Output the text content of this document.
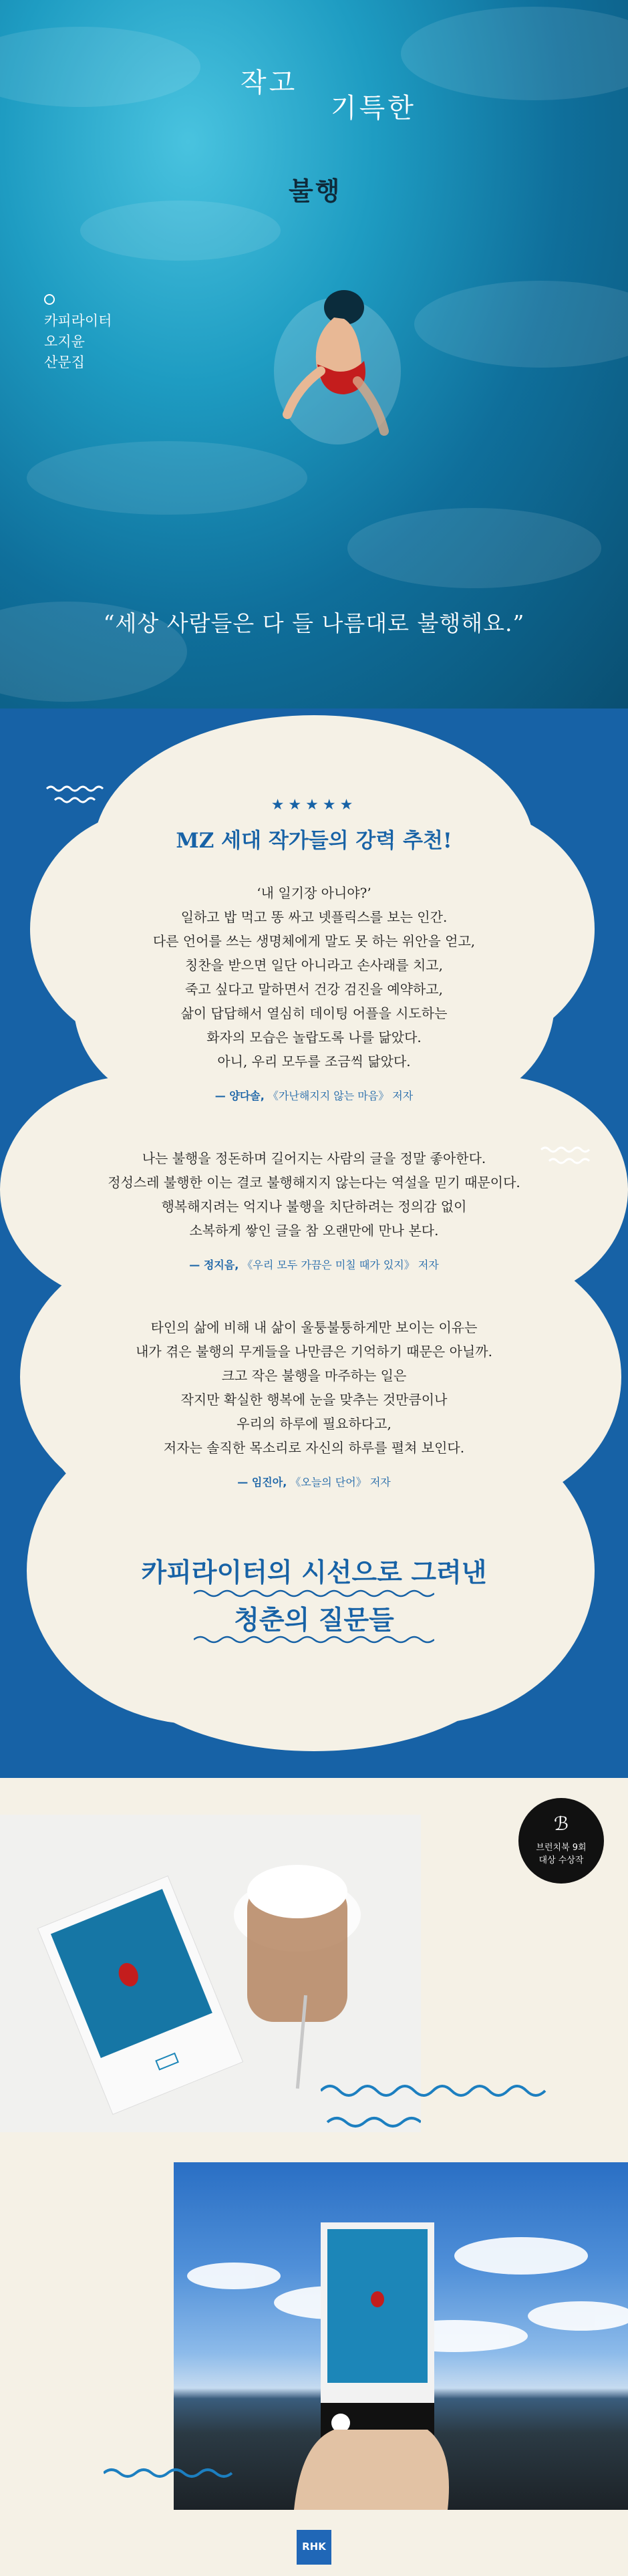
작고
기특한
불행
카피라이터
오지윤
산문집
“세상 사람들은 다 들 나름대로 불행해요.”
★★★★★
MZ 세대 작가들의 강력 추천!
‘내 일기장 아니야?’
일하고 밥 먹고 똥 싸고 넷플릭스를 보는 인간.
다른 언어를 쓰는 생명체에게 말도 못 하는 위안을 얻고,
칭찬을 받으면 일단 아니라고 손사래를 치고,
죽고 싶다고 말하면서 건강 검진을 예약하고,
삶이 답답해서 열심히 데이팅 어플을 시도하는
화자의 모습은 놀랍도록 나를 닮았다.
아니, 우리 모두를 조금씩 닮았다.
— 양다솔, 《가난해지지 않는 마음》 저자
나는 불행을 정돈하며 길어지는 사람의 글을 정말 좋아한다.
정성스레 불행한 이는 결코 불행해지지 않는다는 역설을 믿기 때문이다.
행복해지려는 억지나 불행을 치단하려는 정의감 없이
소복하게 쌓인 글을 참 오랜만에 만나 본다.
— 정지음, 《우리 모두 가끔은 미칠 때가 있지》 저자
타인의 삶에 비해 내 삶이 울퉁불퉁하게만 보이는 이유는
내가 겪은 불행의 무게들을 나만큼은 기억하기 때문은 아닐까.
크고 작은 불행을 마주하는 일은
작지만 확실한 행복에 눈을 맞추는 것만큼이나
우리의 하루에 필요하다고,
저자는 솔직한 목소리로 자신의 하루를 펼쳐 보인다.
— 임진아, 《오늘의 단어》 저자
카피라이터의 시선으로 그려낸
청춘의 질문들
ℬ
브런치북 9회
대상 수상작
RHK
